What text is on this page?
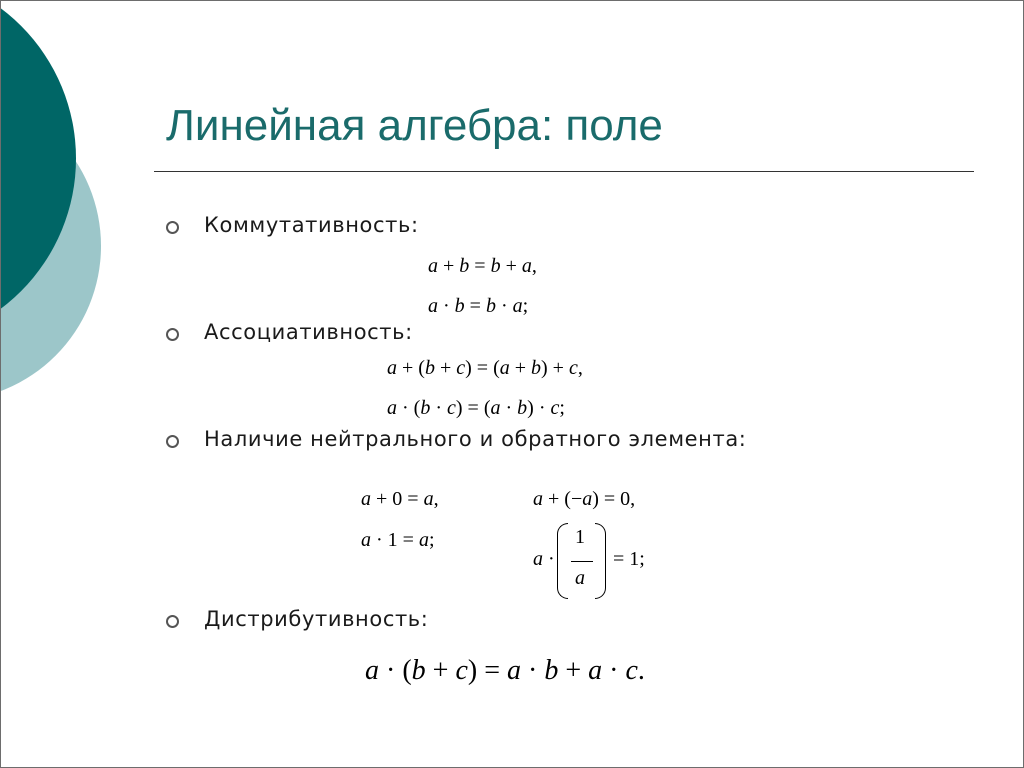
Линейная алгебра: поле
Коммутативность:
a + b = b + a,
a · b = b · a;
Ассоциативность:
a + (b + c) = (a + b) + c,
a · (b · c) = (a · b) · c;
Наличие нейтрального и обратного элемента:
a + 0 = a,	a + (−a) = 0,
a · 1 = a;
a ·
1
a
= 1;
Дистрибутивность:
a · (b + c) = a · b + a · c.
